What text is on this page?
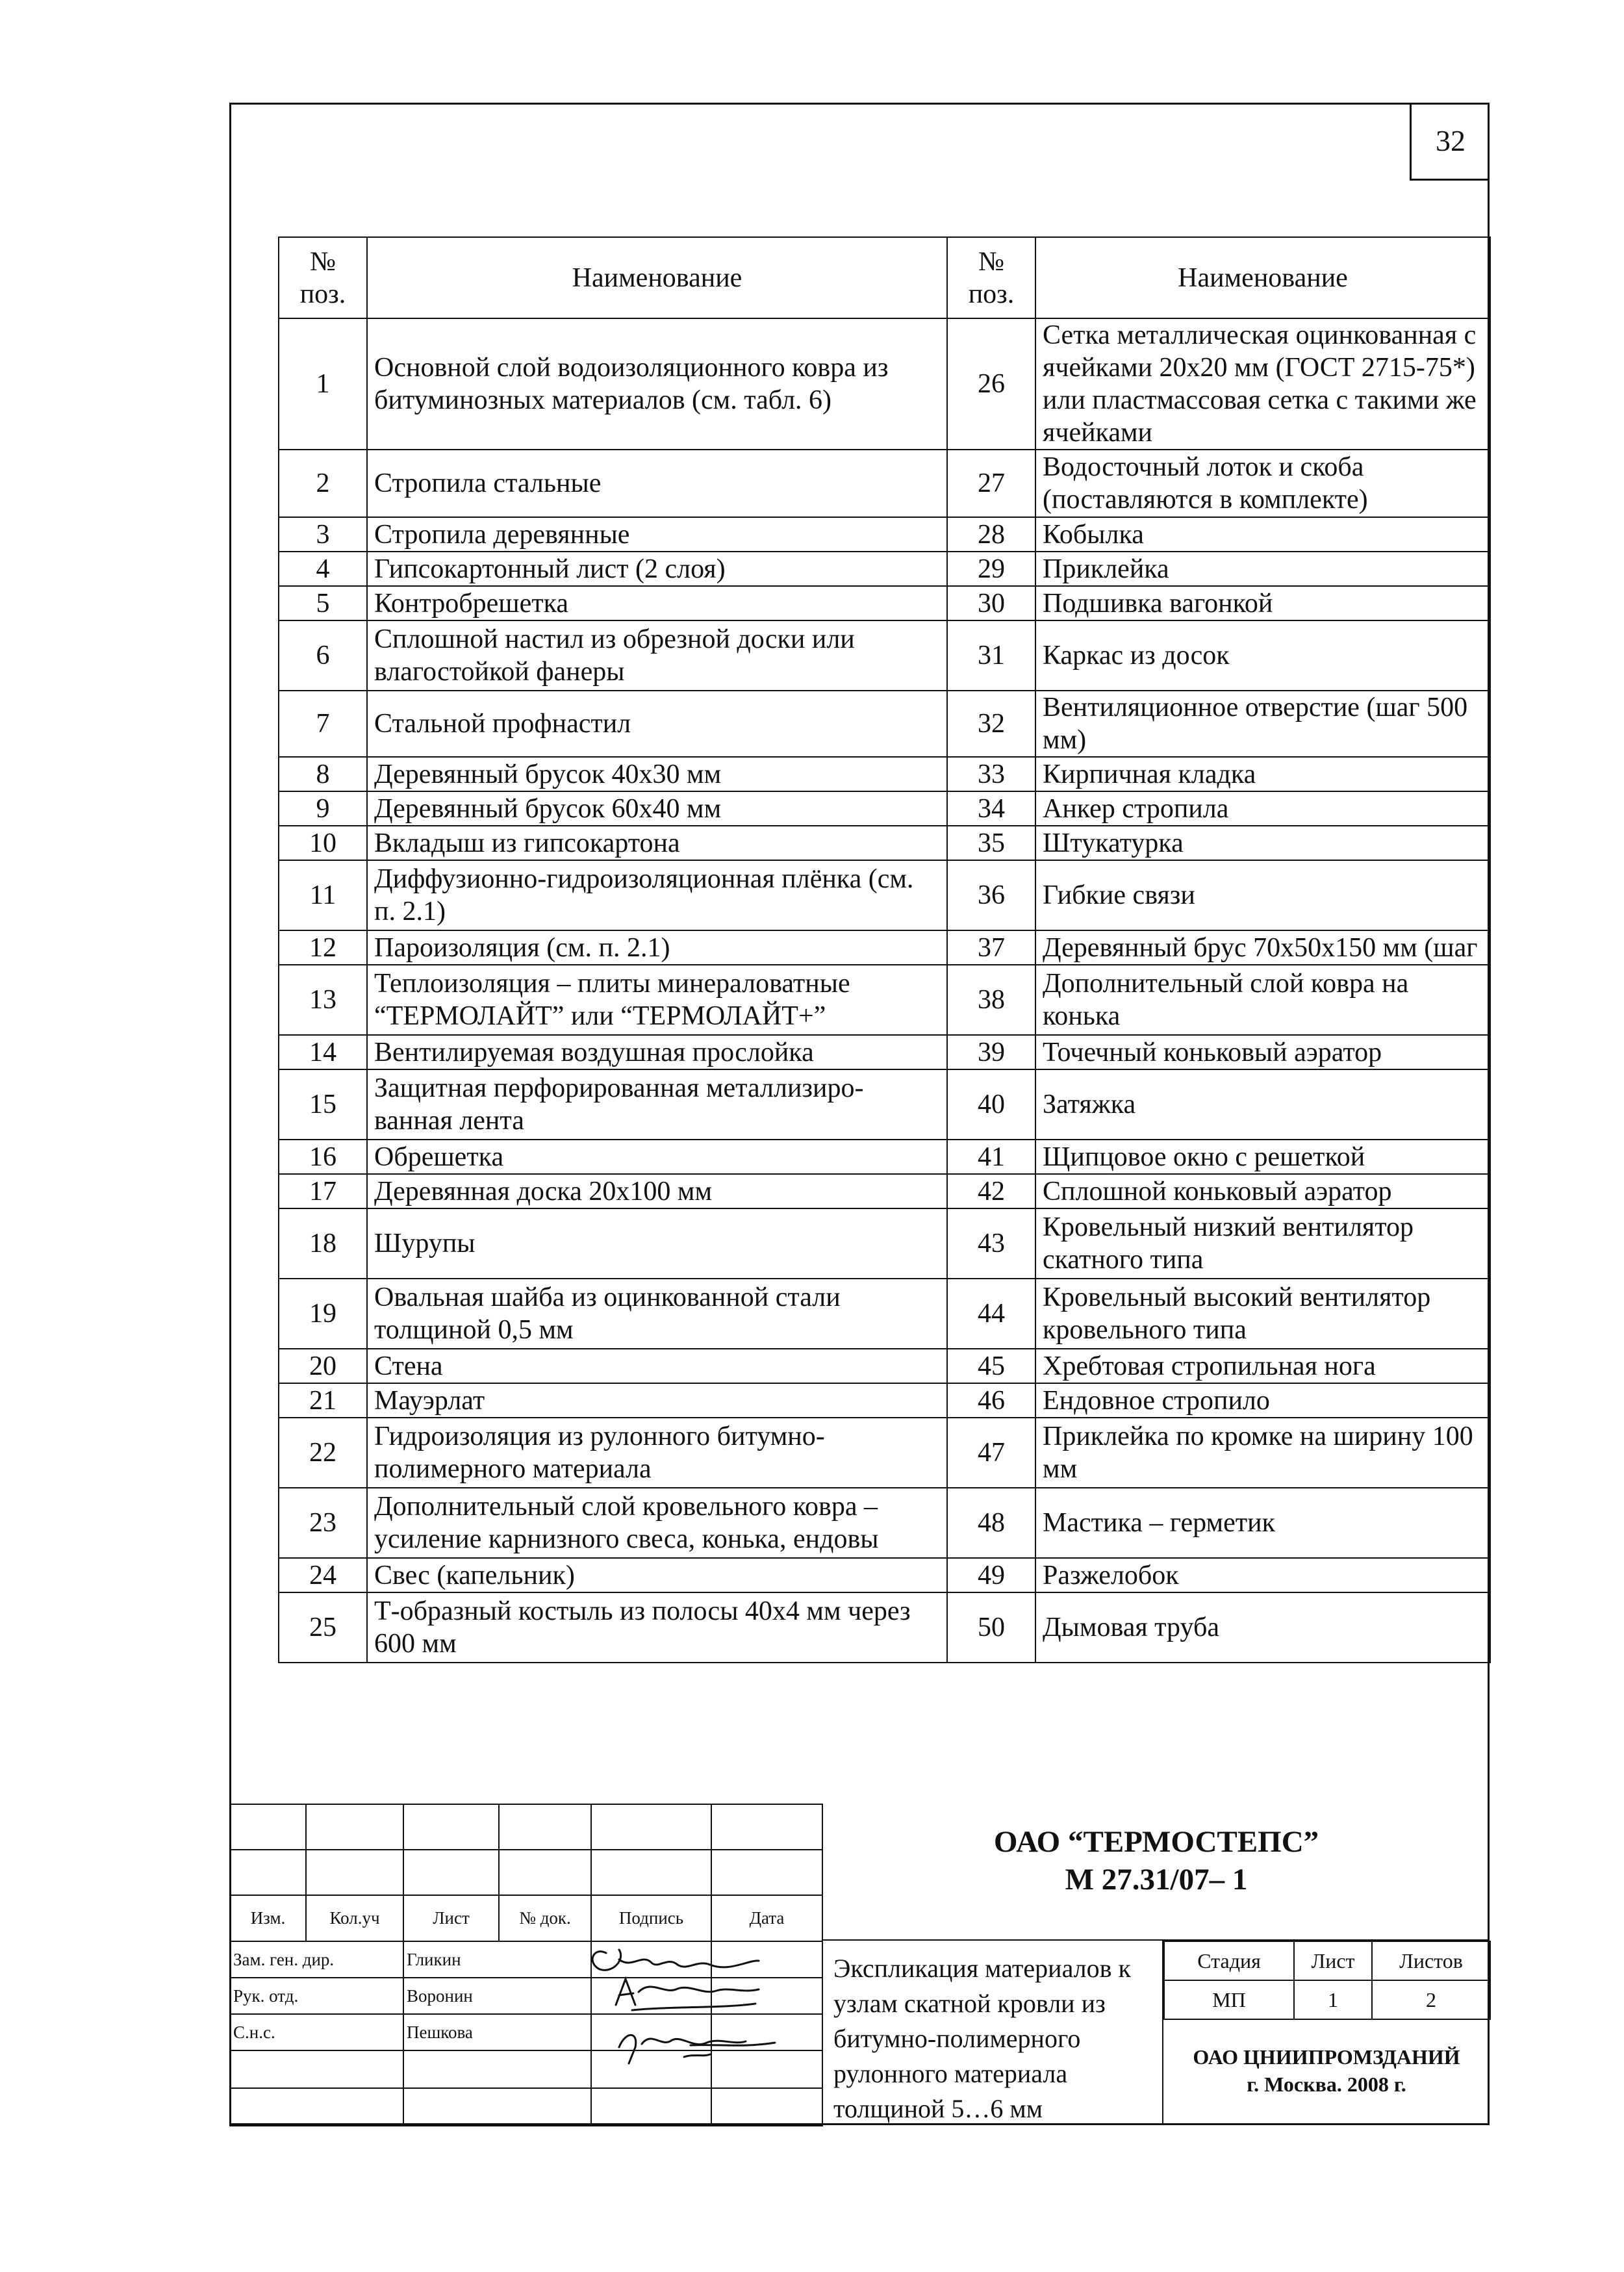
32
№ поз.	Наименование	№ поз.	Наименование
1	Основной слой водоизоляционного ковра из битуминозных материалов (см. табл. 6)	26	Сетка металлическая оцинкованная с ячейками 20х20 мм (ГОСТ 2715-75*) или пластмассовая сетка с такими же ячейками
2	Стропила стальные	27	Водосточный лоток и скоба (поставляются в комплекте)
3	Стропила деревянные	28	Кобылка
4	Гипсокартонный лист (2 слоя)	29	Приклейка
5	Контробрешетка	30	Подшивка вагонкой
6	Сплошной настил из обрезной доски или влагостойкой фанеры	31	Каркас из досок
7	Стальной профнастил	32	Вентиляционное отверстие (шаг 500 мм)
8	Деревянный брусок 40х30 мм	33	Кирпичная кладка
9	Деревянный брусок 60х40 мм	34	Анкер стропила
10	Вкладыш из гипсокартона	35	Штукатурка
11	Диффузионно-гидроизоляционная плёнка (см. п. 2.1)	36	Гибкие связи
12	Пароизоляция (см. п. 2.1)	37	Деревянный брус 70х50х150 мм (шаг
13	Теплоизоляция – плиты минераловатные “ТЕРМОЛАЙТ” или “ТЕРМОЛАЙТ+”	38	Дополнительный слой ковра на конька
14	Вентилируемая воздушная прослойка	39	Точечный коньковый аэратор
15	Защитная перфорированная металлизиро- ванная лента	40	Затяжка
16	Обрешетка	41	Щипцовое окно с решеткой
17	Деревянная доска 20х100 мм	42	Сплошной коньковый аэратор
18	Шурупы	43	Кровельный низкий вентилятор скатного типа
19	Овальная шайба из оцинкованной стали толщиной 0,5 мм	44	Кровельный высокий вентилятор кровельного типа
20	Стена	45	Хребтовая стропильная нога
21	Мауэрлат	46	Ендовное стропило
22	Гидроизоляция из рулонного битумно- полимерного материала	47	Приклейка по кромке на ширину 100 мм
23	Дополнительный слой кровельного ковра – усиление карнизного свеса, конька, ендовы	48	Мастика – герметик
24	Свес (капельник)	49	Разжелобок
25	Т-образный костыль из полосы 40х4 мм через 600 мм	50	Дымовая труба

Изм.	Кол.уч	Лист	№ док.	Подпись	Дата
Зам. ген. дир.		Гликин			
Рук. отд.		Воронин			
С.н.с.		Пешкова			

ОАО “ТЕРМОСТЕПС”
М 27.31/07– 1
Экспликация материалов к узлам скатной кровли из битумно-полимерного рулонного материала толщиной 5…6 мм
Стадия	Лист	Листов
МП	1	2
ОАО ЦНИИПРОМЗДАНИЙ
г. Москва. 2008 г.
